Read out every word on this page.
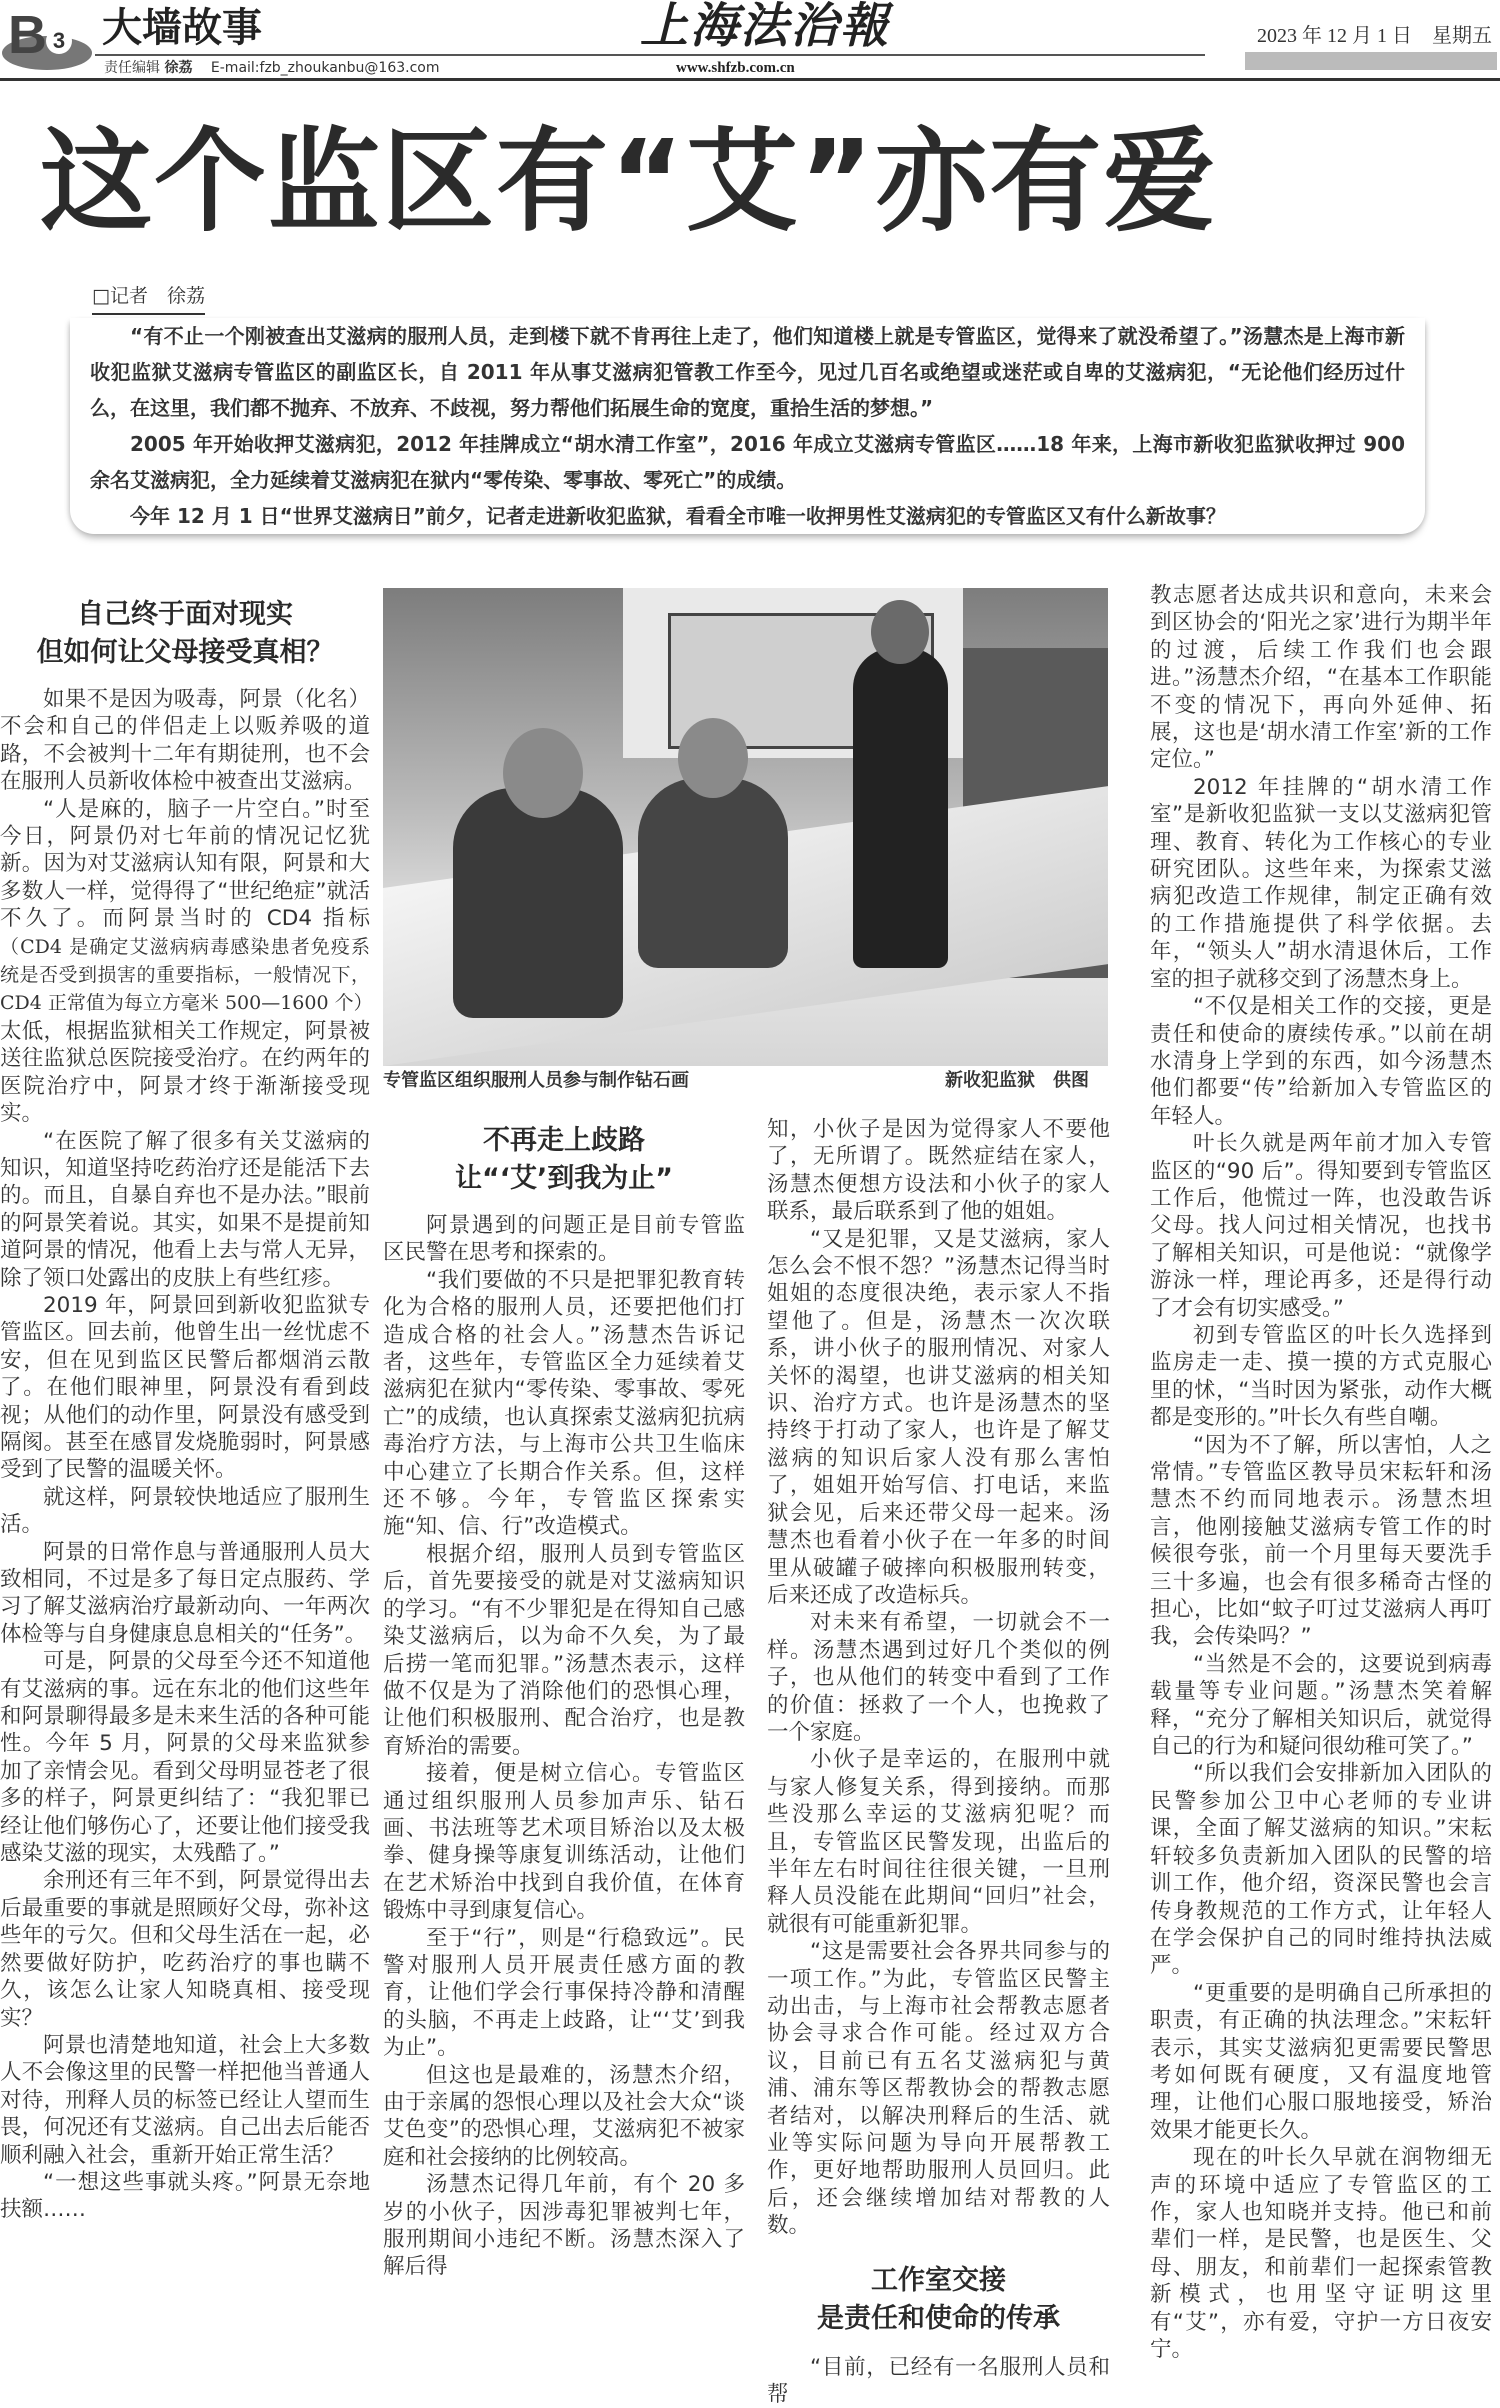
B 3 大墙故事
责任编辑 徐荔 E-mail:fzb_zhoukanbu@163.com
上海法治報
www.shfzb.com.cn
2023 年 12 月 1 日　星期五
这个监区有“艾”亦有爱
□记者　徐荔

“有不止一个刚被查出艾滋病的服刑人员，走到楼下就不肯再往上走了，他们知道楼上就是专管监区，觉得来了就没希望了。”汤慧杰是上海市新收犯监狱艾滋病专管监区的副监区长，自 2011 年从事艾滋病犯管教工作至今，见过几百名或绝望或迷茫或自卑的艾滋病犯，“无论他们经历过什么，在这里，我们都不抛弃、不放弃、不歧视，努力帮他们拓展生命的宽度，重拾生活的梦想。”

2005 年开始收押艾滋病犯，2012 年挂牌成立“胡水清工作室”，2016 年成立艾滋病专管监区……18 年来，上海市新收犯监狱收押过 900 余名艾滋病犯，全力延续着艾滋病犯在狱内“零传染、零事故、零死亡”的成绩。

今年 12 月 1 日“世界艾滋病日”前夕，记者走进新收犯监狱，看看全市唯一收押男性艾滋病犯的专管监区又有什么新故事？

专管监区组织服刑人员参与制作钻石画	新收犯监狱　供图
自己终于面对现实
但如何让父母接受真相？

如果不是因为吸毒，阿景（化名）不会和自己的伴侣走上以贩养吸的道路，不会被判十二年有期徒刑，也不会在服刑人员新收体检中被查出艾滋病。

“人是麻的，脑子一片空白。”时至今日，阿景仍对七年前的情况记忆犹新。因为对艾滋病认知有限，阿景和大多数人一样，觉得得了“世纪绝症”就活不久了。而阿景当时的 CD4 指标（CD4 是确定艾滋病病毒感染患者免疫系统是否受到损害的重要指标，一般情况下，CD4 正常值为每立方毫米 500—1600 个）太低，根据监狱相关工作规定，阿景被送往监狱总医院接受治疗。在约两年的医院治疗中，阿景才终于渐渐接受现实。

“在医院了解了很多有关艾滋病的知识，知道坚持吃药治疗还是能活下去的。而且，自暴自弃也不是办法。”眼前的阿景笑着说。其实，如果不是提前知道阿景的情况，他看上去与常人无异，除了领口处露出的皮肤上有些红疹。

2019 年，阿景回到新收犯监狱专管监区。回去前，他曾生出一丝忧虑不安，但在见到监区民警后都烟消云散了。在他们眼神里，阿景没有看到歧视；从他们的动作里，阿景没有感受到隔阂。甚至在感冒发烧脆弱时，阿景感受到了民警的温暖关怀。

就这样，阿景较快地适应了服刑生活。

阿景的日常作息与普通服刑人员大致相同，不过是多了每日定点服药、学习了解艾滋病治疗最新动向、一年两次体检等与自身健康息息相关的“任务”。

可是，阿景的父母至今还不知道他有艾滋病的事。远在东北的他们这些年和阿景聊得最多是未来生活的各种可能性。今年 5 月，阿景的父母来监狱参加了亲情会见。看到父母明显苍老了很多的样子，阿景更纠结了：“我犯罪已经让他们够伤心了，还要让他们接受我感染艾滋的现实，太残酷了。”

余刑还有三年不到，阿景觉得出去后最重要的事就是照顾好父母，弥补这些年的亏欠。但和父母生活在一起，必然要做好防护，吃药治疗的事也瞒不久，该怎么让家人知晓真相、接受现实？

阿景也清楚地知道，社会上大多数人不会像这里的民警一样把他当普通人对待，刑释人员的标签已经让人望而生畏，何况还有艾滋病。自己出去后能否顺利融入社会，重新开始正常生活？

“一想这些事就头疼。”阿景无奈地扶额……

不再走上歧路
让“‘艾’到我为止”

阿景遇到的问题正是目前专管监区民警在思考和探索的。

“我们要做的不只是把罪犯教育转化为合格的服刑人员，还要把他们打造成合格的社会人。”汤慧杰告诉记者，这些年，专管监区全力延续着艾滋病犯在狱内“零传染、零事故、零死亡”的成绩，也认真探索艾滋病犯抗病毒治疗方法，与上海市公共卫生临床中心建立了长期合作关系。但，这样还不够。今年，专管监区探索实施“知、信、行”改造模式。

根据介绍，服刑人员到专管监区后，首先要接受的就是对艾滋病知识的学习。“有不少罪犯是在得知自己感染艾滋病后，以为命不久矣，为了最后捞一笔而犯罪。”汤慧杰表示，这样做不仅是为了消除他们的恐惧心理，让他们积极服刑、配合治疗，也是教育矫治的需要。

接着，便是树立信心。专管监区通过组织服刑人员参加声乐、钻石画、书法班等艺术项目矫治以及太极拳、健身操等康复训练活动，让他们在艺术矫治中找到自我价值，在体育锻炼中寻到康复信心。

至于“行”，则是“行稳致远”。民警对服刑人员开展责任感方面的教育，让他们学会行事保持冷静和清醒的头脑，不再走上歧路，让“‘艾’到我为止”。

但这也是最难的，汤慧杰介绍，由于亲属的怨恨心理以及社会大众“谈艾色变”的恐惧心理，艾滋病犯不被家庭和社会接纳的比例较高。

汤慧杰记得几年前，有个 20 多岁的小伙子，因涉毒犯罪被判七年，服刑期间小违纪不断。汤慧杰深入了解后得

知，小伙子是因为觉得家人不要他了，无所谓了。既然症结在家人，汤慧杰便想方设法和小伙子的家人联系，最后联系到了他的姐姐。

“又是犯罪，又是艾滋病，家人怎么会不恨不怨？”汤慧杰记得当时姐姐的态度很决绝，表示家人不指望他了。但是，汤慧杰一次次联系，讲小伙子的服刑情况、对家人关怀的渴望，也讲艾滋病的相关知识、治疗方式。也许是汤慧杰的坚持终于打动了家人，也许是了解艾滋病的知识后家人没有那么害怕了，姐姐开始写信、打电话，来监狱会见，后来还带父母一起来。汤慧杰也看着小伙子在一年多的时间里从破罐子破摔向积极服刑转变，后来还成了改造标兵。

对未来有希望，一切就会不一样。汤慧杰遇到过好几个类似的例子，也从他们的转变中看到了工作的价值：拯救了一个人，也挽救了一个家庭。

小伙子是幸运的，在服刑中就与家人修复关系，得到接纳。而那些没那么幸运的艾滋病犯呢？而且，专管监区民警发现，出监后的半年左右时间往往很关键，一旦刑释人员没能在此期间“回归”社会，就很有可能重新犯罪。

“这是需要社会各界共同参与的一项工作。”为此，专管监区民警主动出击，与上海市社会帮教志愿者协会寻求合作可能。经过双方合议，目前已有五名艾滋病犯与黄浦、浦东等区帮教协会的帮教志愿者结对，以解决刑释后的生活、就业等实际问题为导向开展帮教工作，更好地帮助服刑人员回归。此后，还会继续增加结对帮教的人数。

工作室交接
是责任和使命的传承

“目前，已经有一名服刑人员和帮

教志愿者达成共识和意向，未来会到区协会的‘阳光之家’进行为期半年的过渡，后续工作我们也会跟进。”汤慧杰介绍，“在基本工作职能不变的情况下，再向外延伸、拓展，这也是‘胡水清工作室’新的工作定位。”

2012 年挂牌的“胡水清工作室”是新收犯监狱一支以艾滋病犯管理、教育、转化为工作核心的专业研究团队。这些年来，为探索艾滋病犯改造工作规律，制定正确有效的工作措施提供了科学依据。去年，“领头人”胡水清退休后，工作室的担子就移交到了汤慧杰身上。

“不仅是相关工作的交接，更是责任和使命的赓续传承。”以前在胡水清身上学到的东西，如今汤慧杰他们都要“传”给新加入专管监区的年轻人。

叶长久就是两年前才加入专管监区的“90 后”。得知要到专管监区工作后，他慌过一阵，也没敢告诉父母。找人问过相关情况，也找书了解相关知识，可是他说：“就像学游泳一样，理论再多，还是得行动了才会有切实感受。”

初到专管监区的叶长久选择到监房走一走、摸一摸的方式克服心里的怵，“当时因为紧张，动作大概都是变形的。”叶长久有些自嘲。

“因为不了解，所以害怕，人之常情。”专管监区教导员宋耘轩和汤慧杰不约而同地表示。汤慧杰坦言，他刚接触艾滋病专管工作的时候很夸张，前一个月里每天要洗手三十多遍，也会有很多稀奇古怪的担心，比如“蚊子叮过艾滋病人再叮我，会传染吗？”

“当然是不会的，这要说到病毒载量等专业问题。”汤慧杰笑着解释，“充分了解相关知识后，就觉得自己的行为和疑问很幼稚可笑了。”

“所以我们会安排新加入团队的民警参加公卫中心老师的专业讲课，全面了解艾滋病的知识。”宋耘轩较多负责新加入团队的民警的培训工作，他介绍，资深民警也会言传身教规范的工作方式，让年轻人在学会保护自己的同时维持执法威严。

“更重要的是明确自己所承担的职责，有正确的执法理念。”宋耘轩表示，其实艾滋病犯更需要民警思考如何既有硬度，又有温度地管理，让他们心服口服地接受，矫治效果才能更长久。

现在的叶长久早就在润物细无声的环境中适应了专管监区的工作，家人也知晓并支持。他已和前辈们一样，是民警，也是医生、父母、朋友，和前辈们一起探索管教新模式，也用坚守证明这里有“艾”，亦有爱，守护一方日夜安宁。
